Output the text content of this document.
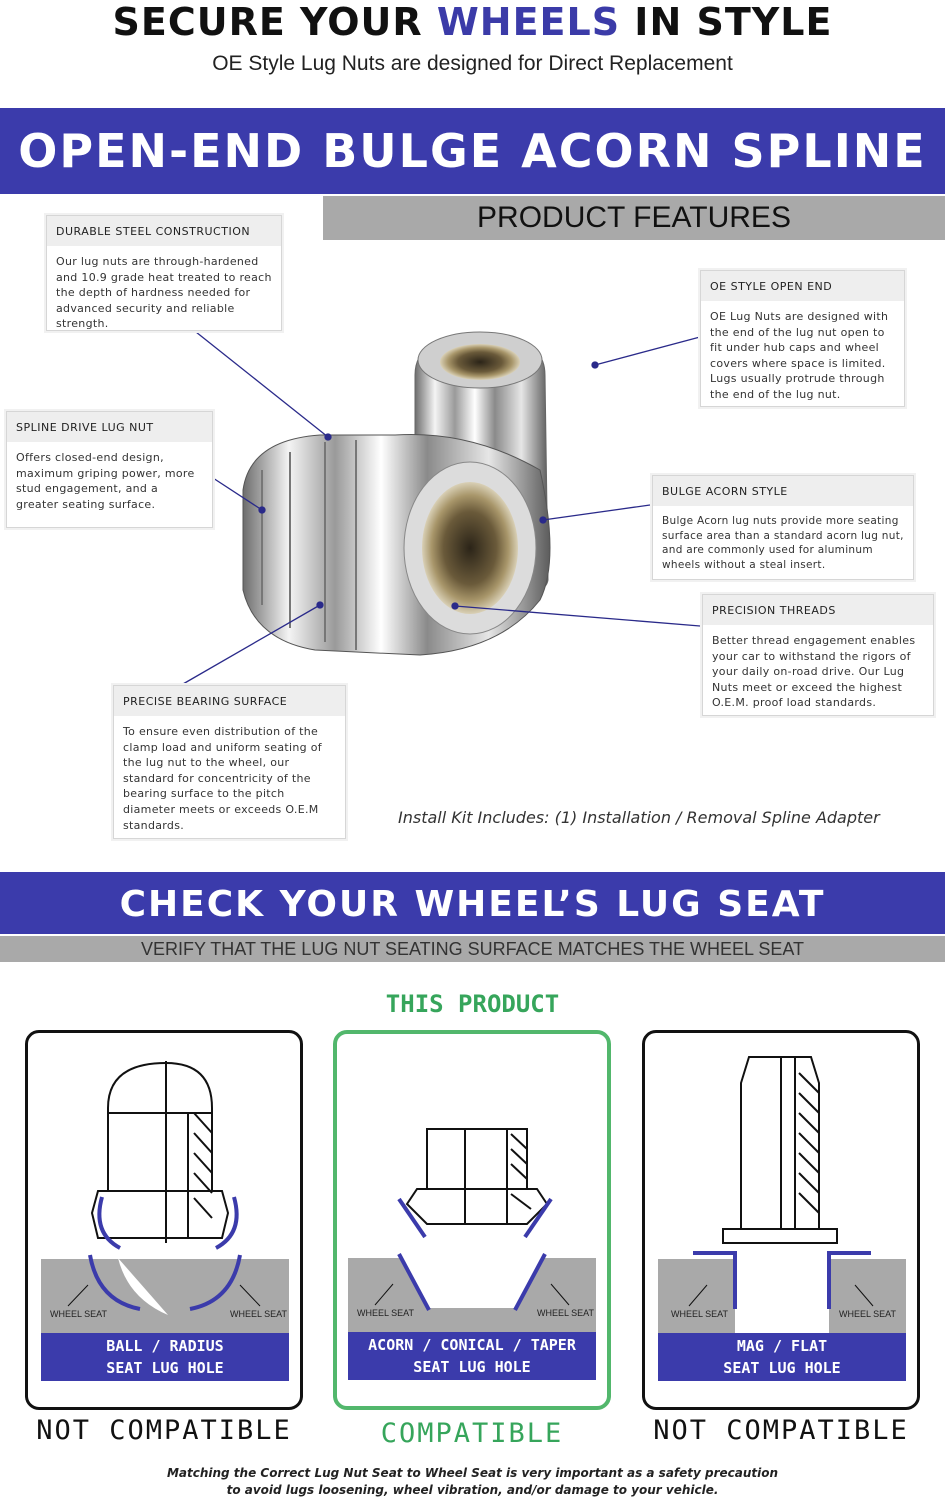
SECURE YOUR WHEELS IN STYLE
OE Style Lug Nuts are designed for Direct Replacement
OPEN-END BULGE ACORN SPLINE
PRODUCT FEATURES
DURABLE STEEL CONSTRUCTION
Our lug nuts are through-hardened and 10.9 grade heat treated to reach the depth of hardness needed for advanced security and reliable strength.
OE STYLE OPEN END
OE Lug Nuts are designed with the end of the lug nut open to fit under hub caps and wheel covers where space is limited. Lugs usually protrude through the end of the lug nut.
SPLINE DRIVE LUG NUT
Offers closed-end design, maximum griping power, more stud engagement, and a greater seating surface.
BULGE ACORN STYLE
Bulge Acorn lug nuts provide more seating surface area than a standard acorn lug nut, and are commonly used for aluminum wheels without a steal insert.
PRECISION THREADS
Better thread engagement enables your car to withstand the rigors of your daily on-road drive. Our Lug Nuts meet or exceed the highest O.E.M. proof load standards.
PRECISE BEARING SURFACE
To ensure even distribution of the clamp load and uniform seating of the lug nut to the wheel, our standard for concentricity of the bearing surface to the pitch diameter meets or exceeds O.E.M standards.	Install Kit Includes: (1) Installation / Removal Spline Adapter
CHECK YOUR WHEEL’S LUG SEAT
VERIFY THAT THE LUG NUT SEATING SURFACE MATCHES THE WHEEL SEAT
THIS PRODUCT
WHEEL SEAT	WHEEL SEAT
BALL / RADIUS
SEAT LUG HOLE
WHEEL SEAT	WHEEL SEAT
ACORN / CONICAL / TAPER
SEAT LUG HOLE
WHEEL SEAT	WHEEL SEAT
MAG / FLAT
SEAT LUG HOLE
NOT COMPATIBLE	COMPATIBLE	NOT COMPATIBLE
Matching the Correct Lug Nut Seat to Wheel Seat is very important as a safety precaution
to avoid lugs loosening, wheel vibration, and/or damage to your vehicle.
